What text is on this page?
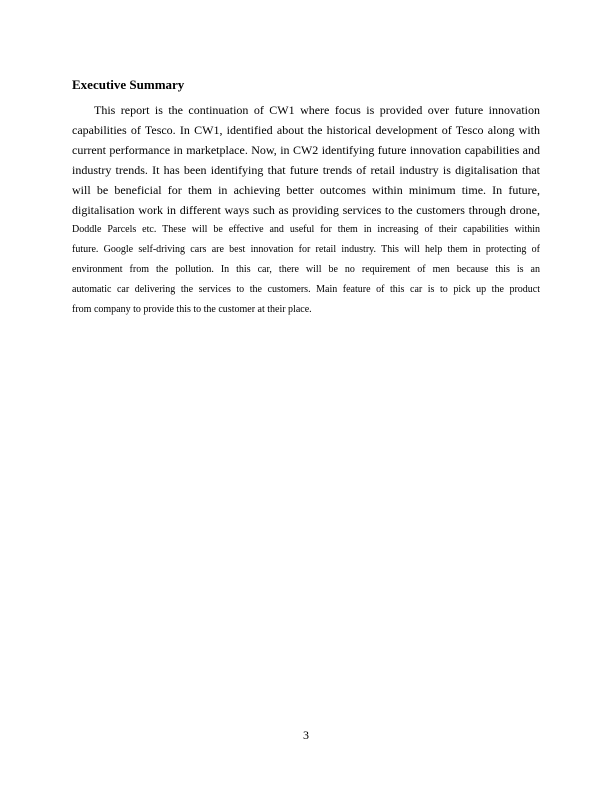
Executive Summary
This report is the continuation of CW1 where focus is provided over future innovation
capabilities of Tesco. In CW1, identified about the historical development of Tesco along with
current performance in marketplace. Now, in CW2 identifying future innovation capabilities and
industry trends. It has been identifying that future trends of retail industry is digitalisation that
will be beneficial for them in achieving better outcomes within minimum time. In future,
digitalisation work in different ways such as providing services to the customers through drone,
Doddle Parcels etc. These will be effective and useful for them in increasing of their capabilities within
future. Google self-driving cars are best innovation for retail industry. This will help them in protecting of
environment from the pollution. In this car, there will be no requirement of men because this is an
automatic car delivering the services to the customers. Main feature of this car is to pick up the product
from company to provide this to the customer at their place.
3
